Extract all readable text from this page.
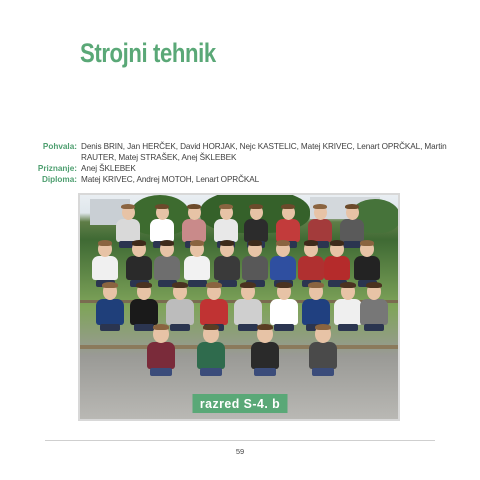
Strojni tehnik
Pohvala: Denis BRIN, Jan HERČEK, David HORJAK, Nejc KASTELIC, Matej KRIVEC, Lenart OPRČKAL, Martin RAUTER, Matej STRAŠEK, Anej ŠKLEBEK
Priznanje: Anej ŠKLEBEK
Diploma: Matej KRIVEC, Andrej MOTOH, Lenart OPRČKAL
razred S-4. b
59
